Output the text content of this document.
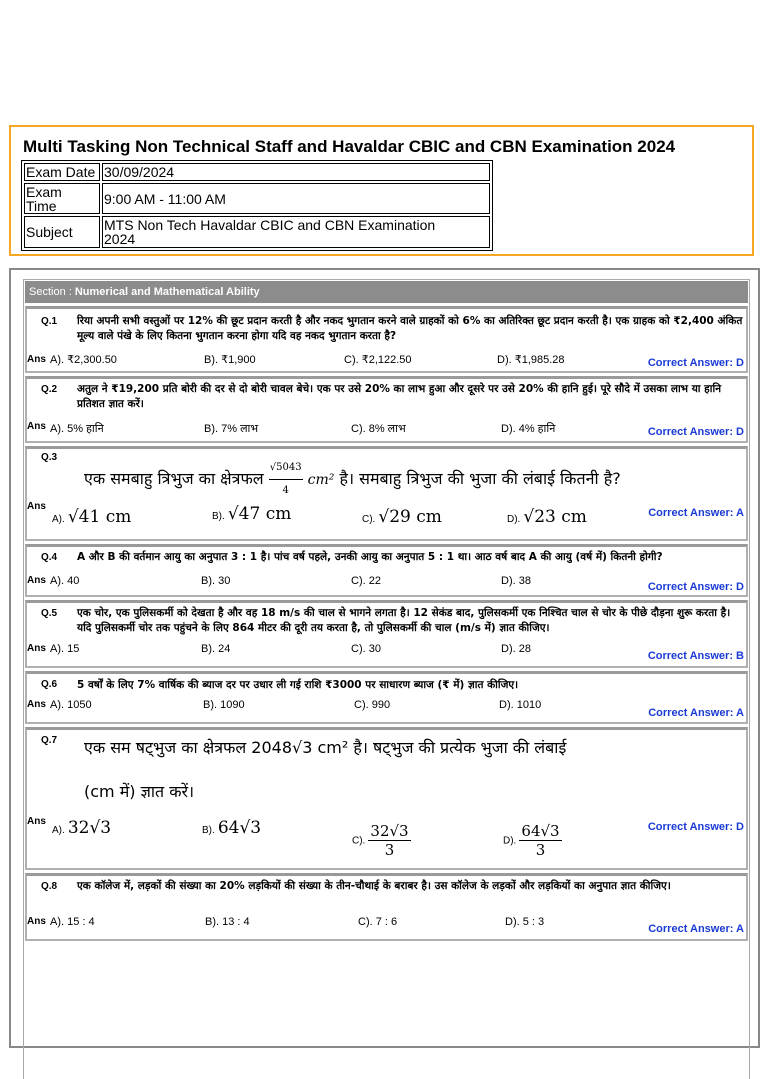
Multi Tasking Non Technical Staff and Havaldar CBIC and CBN Examination 2024
Exam Date	30/09/2024
Exam
Time	9:00 AM - 11:00 AM
Subject	MTS Non Tech Havaldar CBIC and CBN Examination
2024
Section : Numerical and Mathematical Ability
Q.1 रिया अपनी सभी वस्तुओं पर 12% की छूट प्रदान करती है और नकद भुगतान करने वाले ग्राहकों को 6% का अतिरिक्त छूट प्रदान करती है। एक ग्राहक को ₹2,400 अंकित मूल्य वाले पंखे के लिए कितना भुगतान करना होगा यदि वह नकद भुगतान करता है?
Ans A). ₹2,300.50	B). ₹1,900	C). ₹2,122.50	D). ₹1,985.28	Correct Answer: D
Q.2 अतुल ने ₹19,200 प्रति बोरी की दर से दो बोरी चावल बेचे। एक पर उसे 20% का लाभ हुआ और दूसरे पर उसे 20% की हानि हुई। पूरे सौदे में उसका लाभ या हानि प्रतिशत ज्ञात करें।
Ans A). 5% हानि	B). 7% लाभ	C). 8% लाभ	D). 4% हानि	Correct Answer: D
Q.3
एक समबाहु त्रिभुज का क्षेत्रफल $\frac{√5043}{4} cm^2$ है। समबाहु त्रिभुज की भुजा की लंबाई कितनी है?
Ans
A). √41 cm	B). √47 cm	C). √29 cm	D). √23 cm	Correct Answer: A
Q.4 A और B की वर्तमान आयु का अनुपात 3 : 1 है। पांच वर्ष पहले, उनकी आयु का अनुपात 5 : 1 था। आठ वर्ष बाद A की आयु (वर्ष में) कितनी होगी?
Ans A). 40	B). 30	C). 22	D). 38	Correct Answer: D
Q.5 एक चोर, एक पुलिसकर्मी को देखता है और वह 18 m/s की चाल से भागने लगता है। 12 सेकंड बाद, पुलिसकर्मी एक निश्चित चाल से चोर के पीछे दौड़ना शुरू करता है। यदि पुलिसकर्मी चोर तक पहुंचने के लिए 864 मीटर की दूरी तय करता है, तो पुलिसकर्मी की चाल (m/s में) ज्ञात कीजिए।
Ans A). 15	B). 24	C). 30	D). 28
Correct Answer: B
Q.6 5 वर्षों के लिए 7% वार्षिक की ब्याज दर पर उधार ली गई राशि ₹3000 पर साधारण ब्याज (₹ में) ज्ञात कीजिए।
Ans A). 1050	B). 1090	C). 990	D). 1010
Correct Answer: A
Q.7 एक सम षट्भुज का क्षेत्रफल 2048√3 cm² है। षट्भुज की प्रत्येक भुजा की लंबाई
(cm में) ज्ञात करें।
Ans
A). 32√3	B). 64√3
C). $\frac{32√3}{3}$	D). $\frac{64√3}{3}$	Correct Answer: D
Q.8 एक कॉलेज में, लड़कों की संख्या का 20% लड़कियों की संख्या के तीन-चौथाई के बराबर है। उस कॉलेज के लड़कों और लड़कियों का अनुपात ज्ञात कीजिए।
Ans A). 15 : 4	B). 13 : 4	C). 7 : 6	D). 5 : 3
Correct Answer: A
